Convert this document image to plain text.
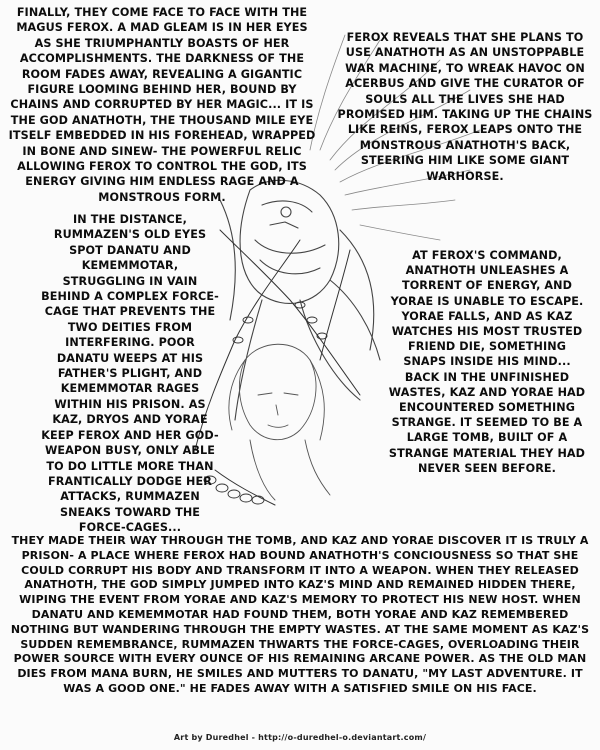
FINALLY, THEY COME FACE TO FACE WITH THE MAGUS FEROX. A MAD GLEAM IS IN HER EYES AS SHE TRIUMPHANTLY BOASTS OF HER ACCOMPLISHMENTS. THE DARKNESS OF THE ROOM FADES AWAY, REVEALING A GIGANTIC FIGURE LOOMING BEHIND HER, BOUND BY CHAINS AND CORRUPTED BY HER MAGIC... IT IS THE GOD ANATHOTH, THE THOUSAND MILE EYE ITSELF EMBEDDED IN HIS FOREHEAD, WRAPPED IN BONE AND SINEW- THE POWERFUL RELIC ALLOWING FEROX TO CONTROL THE GOD, ITS ENERGY GIVING HIM ENDLESS RAGE AND A MONSTROUS FORM.

FEROX REVEALS THAT SHE PLANS TO USE ANATHOTH AS AN UNSTOPPABLE WAR MACHINE, TO WREAK HAVOC ON ACERBUS AND GIVE THE CURATOR OF SOULS ALL THE LIVES SHE HAD PROMISED HIM. TAKING UP THE CHAINS LIKE REINS, FEROX LEAPS ONTO THE MONSTROUS ANATHOTH'S BACK, STEERING HIM LIKE SOME GIANT WARHORSE.

IN THE DISTANCE, RUMMAZEN'S OLD EYES SPOT DANATU AND KEMEMMOTAR, STRUGGLING IN VAIN BEHIND A COMPLEX FORCE-CAGE THAT PREVENTS THE TWO DEITIES FROM INTERFERING. POOR DANATU WEEPS AT HIS FATHER'S PLIGHT, AND KEMEMMOTAR RAGES WITHIN HIS PRISON. AS KAZ, DRYOS AND YORAE KEEP FEROX AND HER GOD-WEAPON BUSY, ONLY ABLE TO DO LITTLE MORE THAN FRANTICALLY DODGE HER ATTACKS, RUMMAZEN SNEAKS TOWARD THE FORCE-CAGES...

AT FEROX'S COMMAND, ANATHOTH UNLEASHES A TORRENT OF ENERGY, AND YORAE IS UNABLE TO ESCAPE. YORAE FALLS, AND AS KAZ WATCHES HIS MOST TRUSTED FRIEND DIE, SOMETHING SNAPS INSIDE HIS MIND...

BACK IN THE UNFINISHED WASTES, KAZ AND YORAE HAD ENCOUNTERED SOMETHING STRANGE. IT SEEMED TO BE A LARGE TOMB, BUILT OF A STRANGE MATERIAL THEY HAD NEVER SEEN BEFORE.

THEY MADE THEIR WAY THROUGH THE TOMB, AND KAZ AND YORAE DISCOVER IT IS TRULY A PRISON- A PLACE WHERE FEROX HAD BOUND ANATHOTH'S CONCIOUSNESS SO THAT SHE COULD CORRUPT HIS BODY AND TRANSFORM IT INTO A WEAPON. WHEN THEY RELEASED ANATHOTH, THE GOD SIMPLY JUMPED INTO KAZ'S MIND AND REMAINED HIDDEN THERE, WIPING THE EVENT FROM YORAE AND KAZ'S MEMORY TO PROTECT HIS NEW HOST. WHEN DANATU AND KEMEMMOTAR HAD FOUND THEM, BOTH YORAE AND KAZ REMEMBERED NOTHING BUT WANDERING THROUGH THE EMPTY WASTES. AT THE SAME MOMENT AS KAZ'S SUDDEN REMEMBRANCE, RUMMAZEN THWARTS THE FORCE-CAGES, OVERLOADING THEIR POWER SOURCE WITH EVERY OUNCE OF HIS REMAINING ARCANE POWER. AS THE OLD MAN DIES FROM MANA BURN, HE SMILES AND MUTTERS TO DANATU, "MY LAST ADVENTURE. IT WAS A GOOD ONE." HE FADES AWAY WITH A SATISFIED SMILE ON HIS FACE.

Art by Duredhel - http://o-duredhel-o.deviantart.com/
